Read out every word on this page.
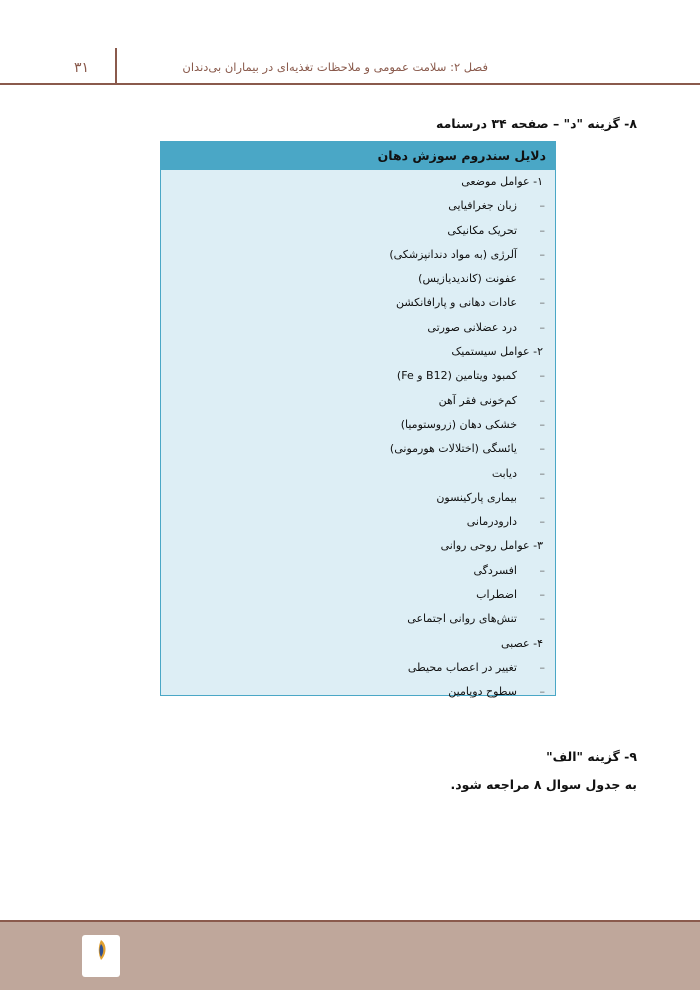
۳۱	فصل ۲: سلامت عمومی و ملاحظات تغذیه‌ای در بیماران بی‌دندان
۸- گزینه "د" – صفحه ۳۴ درسنامه
دلایل سندروم سوزش دهان
۱- عوامل موضعی
–
زبان جغرافیایی
–
تحریک مکانیکی
–
آلرژی (به مواد دندانپزشکی)
–
عفونت (کاندیدیازیس)
–
عادات دهانی و پارافانکشن
–
درد عضلانی صورتی
۲- عوامل سیستمیک
–
کمبود ویتامین (B12 و Fe)
–
کم‌خونی فقر آهن
–
خشکی دهان (زروستومیا)
–
یائسگی (اختلالات هورمونی)
–
دیابت
–
بیماری پارکینسون
–
دارودرمانی
۳- عوامل روحی روانی
–
افسردگی
–
اضطراب
–
تنش‌های روانی اجتماعی
۴- عصبی
–
تغییر در اعصاب محیطی
–
سطوح دوپامین
۹- گزینه "الف"
به جدول سوال ۸ مراجعه شود.
